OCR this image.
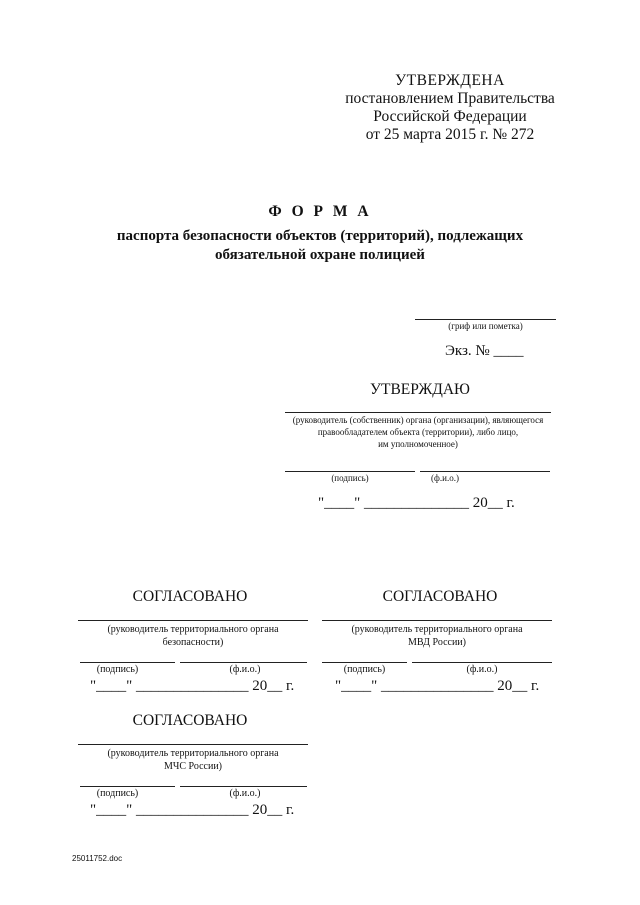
УТВЕРЖДЕНА
постановлением Правительства
Российской Федерации
от 25 марта 2015 г. № 272
Ф О Р М А
паспорта безопасности объектов (территорий), подлежащих
обязательной охране полицией
(гриф или пометка)
Экз. № ____
УТВЕРЖДАЮ
(руководитель (собственник) органа (организации), являющегося
правообладателем объекта (территории), либо лицо,
им уполномоченное)
(подпись)	(ф.и.о.)
"____" ______________ 20__ г.
СОГЛАСОВАНО
(руководитель территориального органа
безопасности)
(подпись)	(ф.и.о.)
"____" _______________ 20__ г.
СОГЛАСОВАНО
(руководитель территориального органа
МВД России)
(подпись)	(ф.и.о.)
"____" _______________ 20__ г.
СОГЛАСОВАНО
(руководитель территориального органа
МЧС России)
(подпись)	(ф.и.о.)
"____" _______________ 20__ г.
25011752.doc
